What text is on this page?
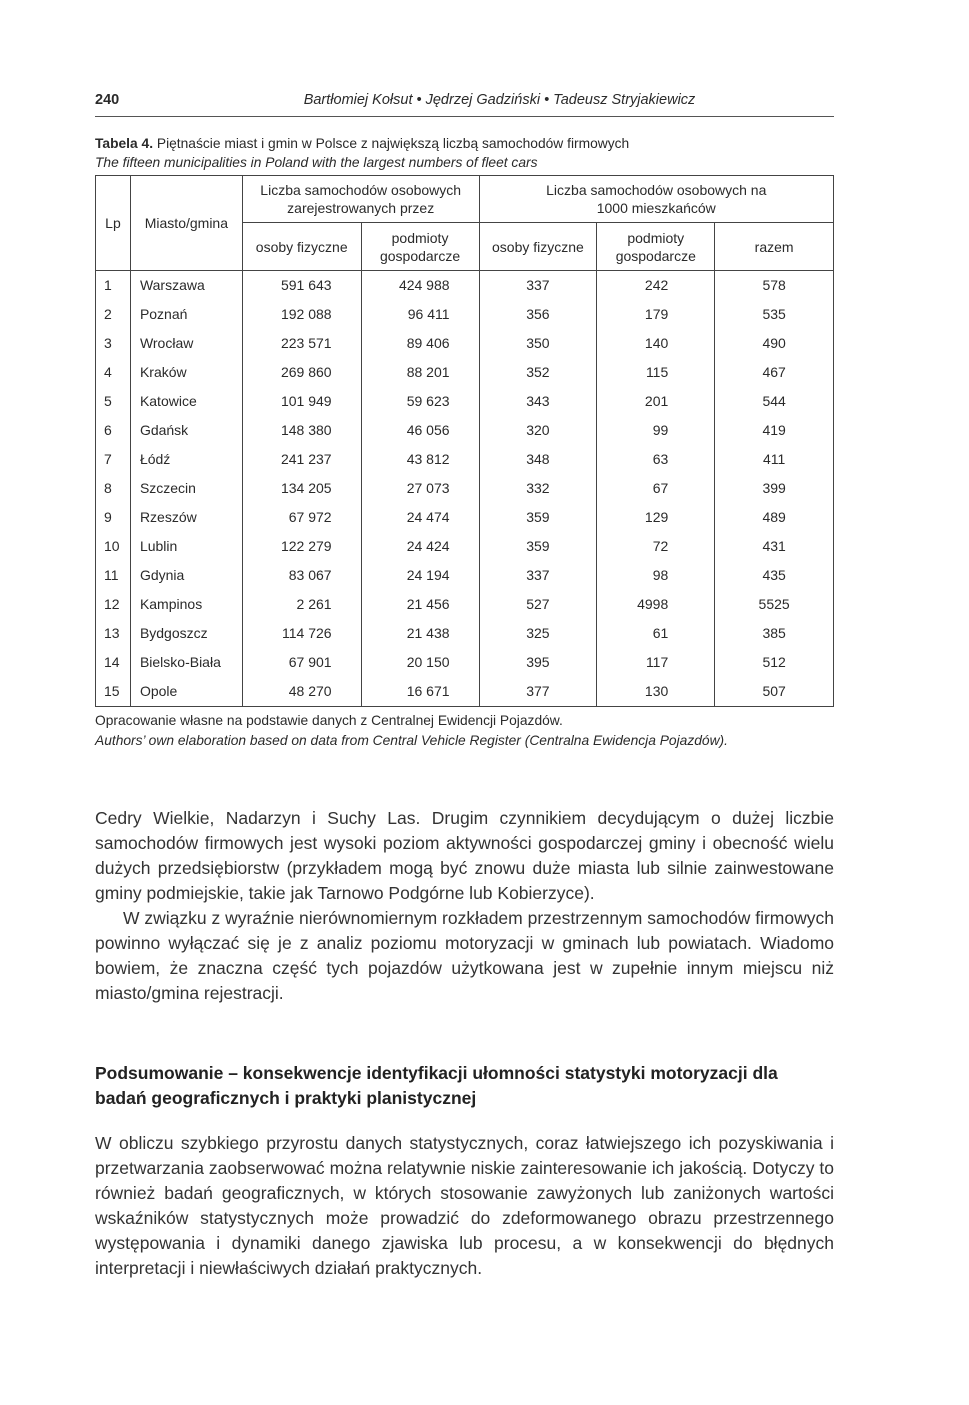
240	Bartłomiej Kołsut • Jędrzej Gadziński • Tadeusz Stryjakiewicz
Tabela 4. Piętnaście miast i gmin w Polsce z największą liczbą samochodów firmowych
The fifteen municipalities in Poland with the largest numbers of fleet cars
Lp	Miasto/gmina	Liczba samochodów osobowych zarejestrowanych przez		Liczba samochodów osobowych na 1000 mieszkańców		
		osoby fizyczne	podmioty gospodarcze	osoby fizyczne	podmioty gospodarcze	razem
1	Warszawa	591 643	424 988	337	242	578
2	Poznań	192 088	96 411	356	179	535
3	Wrocław	223 571	89 406	350	140	490
4	Kraków	269 860	88 201	352	115	467
5	Katowice	101 949	59 623	343	201	544
6	Gdańsk	148 380	46 056	320	99	419
7	Łódź	241 237	43 812	348	63	411
8	Szczecin	134 205	27 073	332	67	399
9	Rzeszów	67 972	24 474	359	129	489
10	Lublin	122 279	24 424	359	72	431
11	Gdynia	83 067	24 194	337	98	435
12	Kampinos	2 261	21 456	527	4998	5525
13	Bydgoszcz	114 726	21 438	325	61	385
14	Bielsko-Biała	67 901	20 150	395	117	512
15	Opole	48 270	16 671	377	130	507
Opracowanie własne na podstawie danych z Centralnej Ewidencji Pojazdów.
Authors’ own elaboration based on data from Central Vehicle Register (Centralna Ewidencja Pojazdów).

Cedry Wielkie, Nadarzyn i Suchy Las. Drugim czynnikiem decydującym o dużej liczbie samochodów firmowych jest wysoki poziom aktywności gospodarczej gminy i obecność wielu dużych przedsiębiorstw (przykładem mogą być znowu duże miasta lub silnie zainwestowane gminy podmiejskie, takie jak Tarnowo Podgórne lub Kobierzyce).

W związku z wyraźnie nierównomiernym rozkładem przestrzennym samochodów firmowych powinno wyłączać się je z analiz poziomu motoryzacji w gminach lub powiatach. Wiadomo bowiem, że znaczna część tych pojazdów użytkowana jest w zupełnie innym miejscu niż miasto/gmina rejestracji.

Podsumowanie – konsekwencje identyfikacji ułomności statystyki motoryzacji dla badań geograficznych i praktyki planistycznej

W obliczu szybkiego przyrostu danych statystycznych, coraz łatwiejszego ich pozyskiwania i przetwarzania zaobserwować można relatywnie niskie zainteresowanie ich jakością. Dotyczy to również badań geograficznych, w których stosowanie zawyżonych lub zaniżonych wartości wskaźników statystycznych może prowadzić do zdeformowanego obrazu przestrzennego występowania i dynamiki danego zjawiska lub procesu, a w konsekwencji do błędnych interpretacji i niewłaściwych działań praktycznych.
